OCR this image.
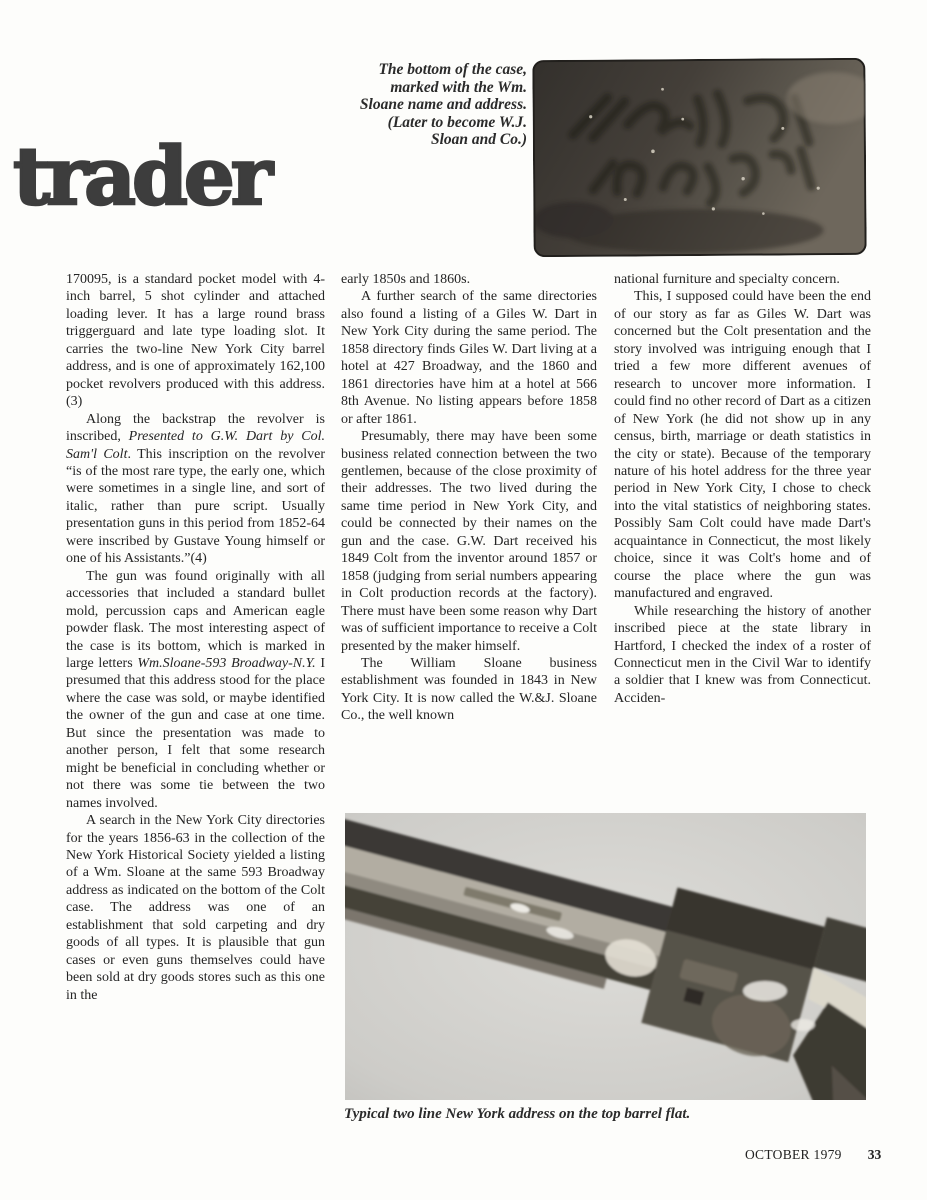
trader
The bottom of the case,
marked with the Wm.
Sloane name and address.
(Later to become W.J.
Sloan and Co.)

170095, is a standard pocket model with 4-inch barrel, 5 shot cylinder and attached loading lever. It has a large round brass triggerguard and late type loading slot. It carries the two-line New York City barrel address, and is one of approximately 162,100 pocket revolvers produced with this address. (3)

Along the backstrap the revolver is inscribed, Presented to G.W. Dart by Col. Sam'l Colt. This inscription on the revolver “is of the most rare type, the early one, which were sometimes in a single line, and sort of italic, rather than pure script. Usually presentation guns in this period from 1852-64 were inscribed by Gustave Young himself or one of his Assistants.”(4)

The gun was found originally with all accessories that included a standard bullet mold, percussion caps and American eagle powder flask. The most interesting aspect of the case is its bottom, which is marked in large letters Wm.Sloane-593 Broadway-N.Y. I presumed that this address stood for the place where the case was sold, or maybe identified the owner of the gun and case at one time. But since the presentation was made to another person, I felt that some research might be beneficial in concluding whether or not there was some tie between the two names involved.

A search in the New York City directories for the years 1856-63 in the collection of the New York Historical Society yielded a listing of a Wm. Sloane at the same 593 Broadway address as indicated on the bottom of the Colt case. The address was one of an establishment that sold carpeting and dry goods of all types. It is plausible that gun cases or even guns themselves could have been sold at dry goods stores such as this one in the

early 1850s and 1860s.

A further search of the same directories also found a listing of a Giles W. Dart in New York City during the same period. The 1858 directory finds Giles W. Dart living at a hotel at 427 Broadway, and the 1860 and 1861 directories have him at a hotel at 566 8th Avenue. No listing appears before 1858 or after 1861.

Presumably, there may have been some business related connection between the two gentlemen, because of the close proximity of their addresses. The two lived during the same time period in New York City, and could be connected by their names on the gun and the case. G.W. Dart received his 1849 Colt from the inventor around 1857 or 1858 (judging from serial numbers appearing in Colt production records at the factory). There must have been some reason why Dart was of sufficient importance to receive a Colt presented by the maker himself.

The William Sloane business establishment was founded in 1843 in New York City. It is now called the W.&J. Sloane Co., the well known

national furniture and specialty concern.

This, I supposed could have been the end of our story as far as Giles W. Dart was concerned but the Colt presentation and the story involved was intriguing enough that I tried a few more different avenues of research to uncover more information. I could find no other record of Dart as a citizen of New York (he did not show up in any census, birth, marriage or death statistics in the city or state). Because of the temporary nature of his hotel address for the three year period in New York City, I chose to check into the vital statistics of neighboring states. Possibly Sam Colt could have made Dart's acquaintance in Connecticut, the most likely choice, since it was Colt's home and of course the place where the gun was manufactured and engraved.

While researching the history of another inscribed piece at the state library in Hartford, I checked the index of a roster of Connecticut men in the Civil War to identify a soldier that I knew was from Connecticut. Acciden-

Typical two line New York address on the top barrel flat.
OCTOBER 1979 33
